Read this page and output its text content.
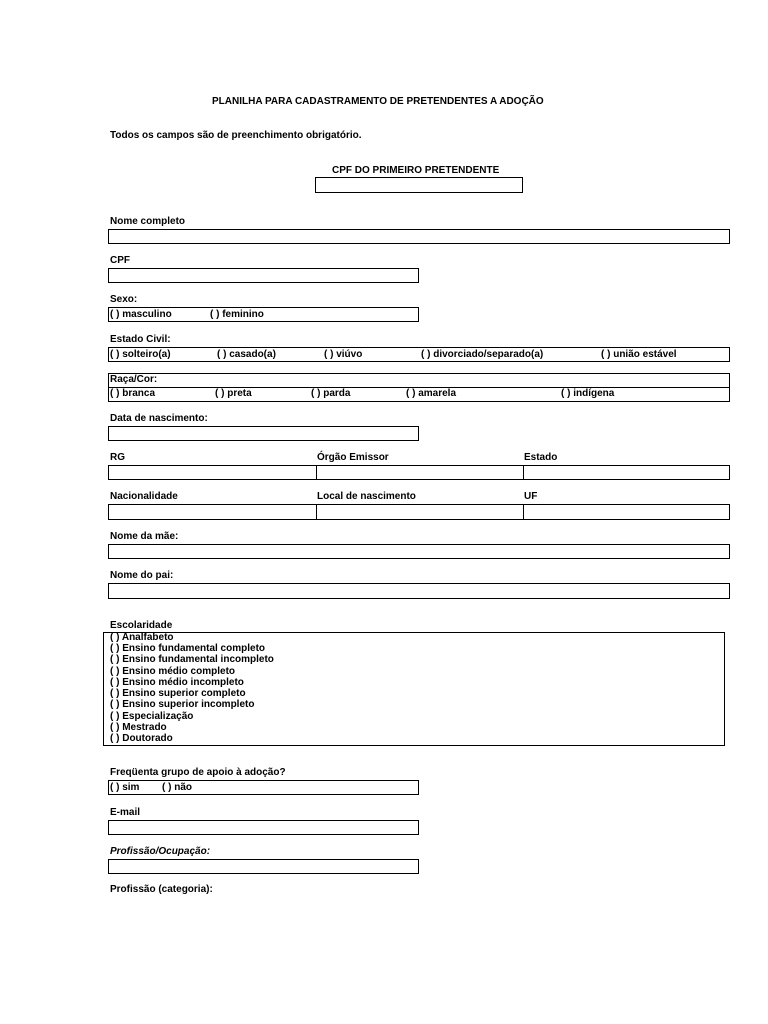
PLANILHA PARA CADASTRAMENTO DE PRETENDENTES A ADOÇÃO
Todos os campos são de preenchimento obrigatório.
CPF DO PRIMEIRO PRETENDENTE
Nome completo
CPF
Sexo:
( ) masculino	( ) feminino
Estado Civil:
( ) solteiro(a)	( ) casado(a)	( ) viúvo	( ) divorciado/separado(a)	( ) união estável
Raça/Cor:
( ) branca	( ) preta	( ) parda	( ) amarela	( ) indígena
Data de nascimento:
RG	Órgão Emissor	Estado
Nacionalidade	Local de nascimento	UF
Nome da mãe:
Nome do pai:
Escolaridade
( ) Analfabeto
( ) Ensino fundamental completo
( ) Ensino fundamental incompleto
( ) Ensino médio completo
( ) Ensino médio incompleto
( ) Ensino superior completo
( ) Ensino superior incompleto
( ) Especialização
( ) Mestrado
( ) Doutorado
Freqüenta grupo de apoio à adoção?
( ) sim ( ) não
E-mail
Profissão/Ocupação:
Profissão (categoria):
